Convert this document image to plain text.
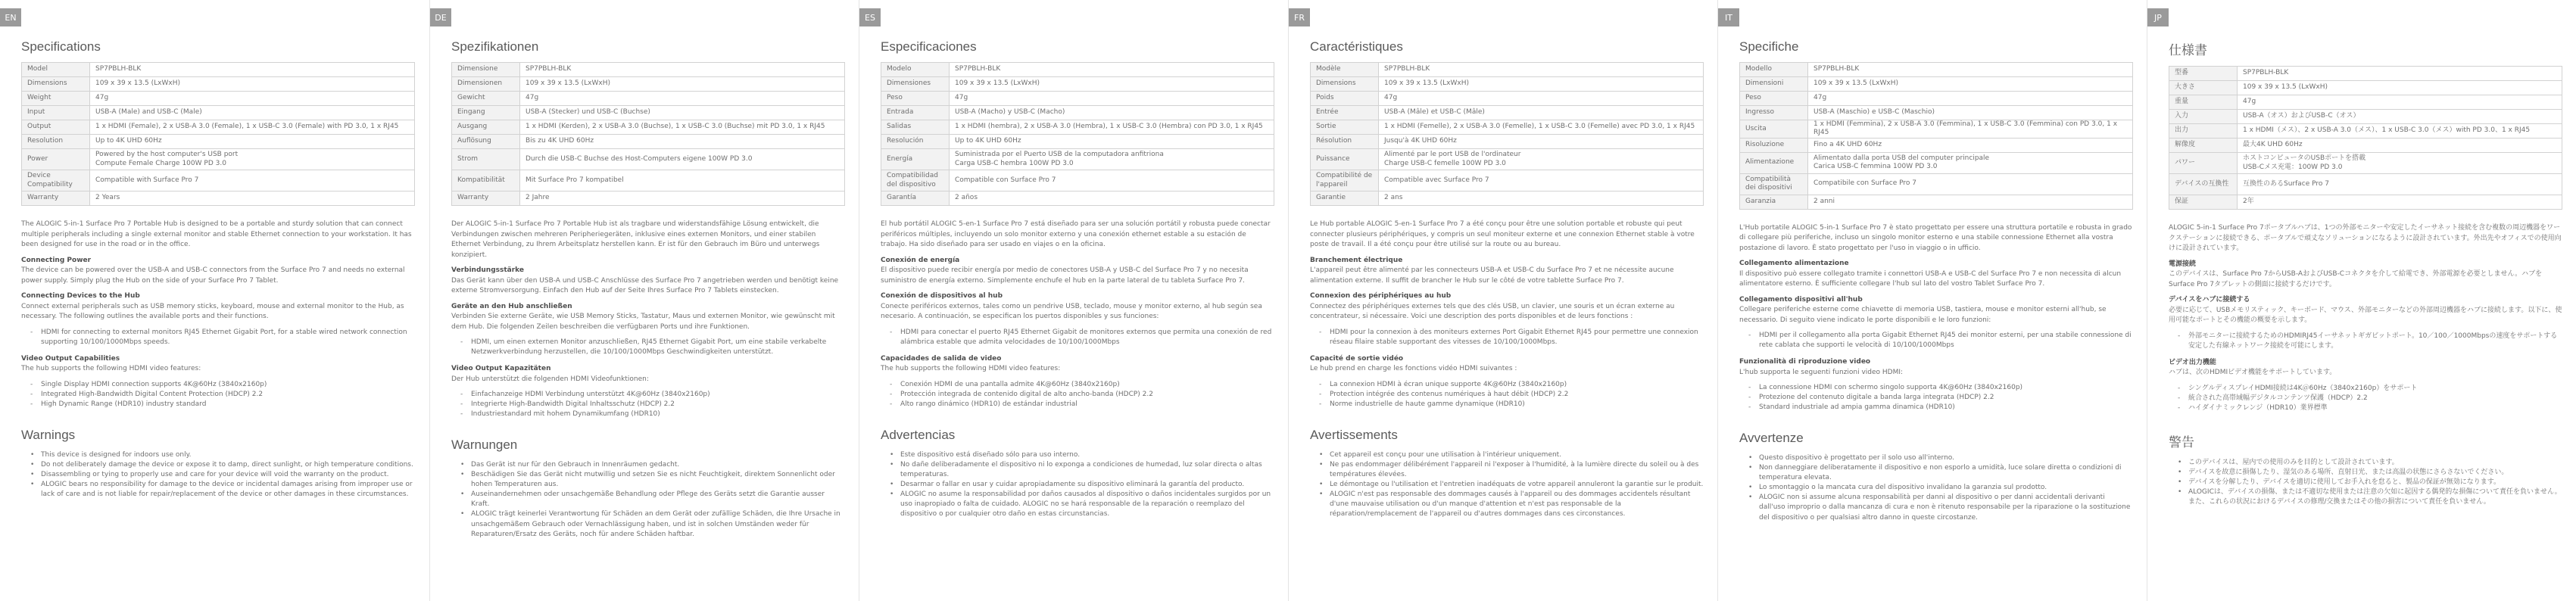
EN
Specifications
Model	SP7PBLH-BLK
Dimensions	109 x 39 x 13.5 (LxWxH)
Weight	47g
Input	USB-A (Male) and USB-C (Male)
Output	1 x HDMI (Female), 2 x USB-A 3.0 (Female), 1 x USB-C 3.0 (Female) with PD 3.0, 1 x RJ45
Resolution	Up to 4K UHD 60Hz
Power	Powered by the host computer's USB port
Compute Female Charge 100W PD 3.0
Device Compatibility	Compatible with Surface Pro 7
Warranty	2 Years

The ALOGIC 5-in-1 Surface Pro 7 Portable Hub is designed to be a portable and sturdy solution that can connect multiple peripherals including a single external monitor and stable Ethernet connection to your workstation. It has been designed for use in the road or in the office.

Connecting Power

The device can be powered over the USB-A and USB-C connectors from the Surface Pro 7 and needs no external power supply. Simply plug the Hub on the side of your Surface Pro 7 Tablet.

Connecting Devices to the Hub

Connect external peripherals such as USB memory sticks, keyboard, mouse and external monitor to the Hub, as necessary. The following outlines the available ports and their functions.

- HDMI for connecting to external monitors RJ45 Ethernet Gigabit Port, for a stable wired network connection supporting 10/100/1000Mbps speeds.
Video Output Capabilities

The hub supports the following HDMI video features:

- Single Display HDMI connection supports 4K@60Hz (3840x2160p)
- Integrated High-Bandwidth Digital Content Protection (HDCP) 2.2
- High Dynamic Range (HDR10) industry standard
Warnings
• This device is designed for indoors use only.
• Do not deliberately damage the device or expose it to damp, direct sunlight, or high temperature conditions.
• Disassembling or tying to properly use and care for your device will void the warranty on the product.
• ALOGIC bears no responsibility for damage to the device or incidental damages arising from improper use or lack of care and is not liable for repair/replacement of the device or other damages in these circumstances.
DE
Spezifikationen
Dimensione	SP7PBLH-BLK
Dimensionen	109 x 39 x 13.5 (LxWxH)
Gewicht	47g
Eingang	USB-A (Stecker) und USB-C (Buchse)
Ausgang	1 x HDMI (Kerden), 2 x USB-A 3.0 (Buchse), 1 x USB-C 3.0 (Buchse) mit PD 3.0, 1 x RJ45
Auflösung	Bis zu 4K UHD 60Hz
Strom	Durch die USB-C Buchse des Host-Computers eigene 100W PD 3.0
Kompatibilität	Mit Surface Pro 7 kompatibel
Warranty	2 Jahre

Der ALOGIC 5-in-1 Surface Pro 7 Portable Hub ist als tragbare und widerstandsfähige Lösung entwickelt, die Verbindungen zwischen mehreren Peripheriegeräten, inklusive eines externen Monitors, und einer stabilen Ethernet Verbindung, zu Ihrem Arbeitsplatz herstellen kann. Er ist für den Gebrauch im Büro und unterwegs konzipiert.

Verbindungsstärke

Das Gerät kann über den USB-A und USB-C Anschlüsse des Surface Pro 7 angetrieben werden und benötigt keine externe Stromversorgung. Einfach den Hub auf der Seite Ihres Surface Pro 7 Tablets einstecken.

Geräte an den Hub anschließen

Verbinden Sie externe Geräte, wie USB Memory Sticks, Tastatur, Maus und externen Monitor, wie gewünscht mit dem Hub. Die folgenden Zeilen beschreiben die verfügbaren Ports und ihre Funktionen.

- HDMI, um einen externen Monitor anzuschließen, RJ45 Ethernet Gigabit Port, um eine stabile verkabelte Netzwerkverbindung herzustellen, die 10/100/1000Mbps Geschwindigkeiten unterstützt.
Video Output Kapazitäten

Der Hub unterstützt die folgenden HDMI Videofunktionen:

- Einfachanzeige HDMI Verbindung unterstützt 4K@60Hz (3840x2160p)
- Integrierte High-Bandwidth Digital Inhaltsschutz (HDCP) 2.2
- Industriestandard mit hohem Dynamikumfang (HDR10)
Warnungen
• Das Gerät ist nur für den Gebrauch in Innenräumen gedacht.
• Beschädigen Sie das Gerät nicht mutwillig und setzen Sie es nicht Feuchtigkeit, direktem Sonnenlicht oder hohen Temperaturen aus.
• Auseinandernehmen oder unsachgemäße Behandlung oder Pflege des Geräts setzt die Garantie ausser Kraft.
• ALOGIC trägt keinerlei Verantwortung für Schäden an dem Gerät oder zufällige Schäden, die Ihre Ursache in unsachgemäßem Gebrauch oder Vernachlässigung haben, und ist in solchen Umständen weder für Reparaturen/Ersatz des Geräts, noch für andere Schäden haftbar.
ES
Especificaciones
Modelo	SP7PBLH-BLK
Dimensiones	109 x 39 x 13.5 (LxWxH)
Peso	47g
Entrada	USB-A (Macho) y USB-C (Macho)
Salidas	1 x HDMI (hembra), 2 x USB-A 3.0 (Hembra), 1 x USB-C 3.0 (Hembra) con PD 3.0, 1 x RJ45
Resolución	Up to 4K UHD 60Hz
Energía	Suministrada por el Puerto USB de la computadora anfitriona
Carga USB-C hembra 100W PD 3.0
Compatibilidad del dispositivo	Compatible con Surface Pro 7
Garantía	2 años

El hub portátil ALOGIC 5-en-1 Surface Pro 7 está diseñado para ser una solución portátil y robusta puede conectar periféricos múltiples, incluyendo un solo monitor externo y una conexión ethernet estable a su estación de trabajo. Ha sido diseñado para ser usado en viajes o en la oficina.

Conexión de energía

El dispositivo puede recibir energía por medio de conectores USB-A y USB-C del Surface Pro 7 y no necesita suministro de energía externo. Simplemente enchufe el hub en la parte lateral de tu tableta Surface Pro 7.

Conexión de dispositivos al hub

Conecte periféricos externos, tales como un pendrive USB, teclado, mouse y monitor externo, al hub según sea necesario. A continuación, se especifican los puertos disponibles y sus funciones:

- HDMI para conectar el puerto RJ45 Ethernet Gigabit de monitores externos que permita una conexión de red alámbrica estable que admita velocidades de 10/100/1000Mbps
Capacidades de salida de video

The hub supports the following HDMI video features:

- Conexión HDMI de una pantalla admite 4K@60Hz (3840x2160p)
- Protección integrada de contenido digital de alto ancho-banda (HDCP) 2.2
- Alto rango dinámico (HDR10) de estándar industrial
Advertencias
• Este dispositivo está diseñado sólo para uso interno.
• No dañe deliberadamente el dispositivo ni lo exponga a condiciones de humedad, luz solar directa o altas temperaturas.
• Desarmar o fallar en usar y cuidar apropiadamente su dispositivo eliminará la garantía del producto.
• ALOGIC no asume la responsabilidad por daños causados al dispositivo o daños incidentales surgidos por un uso inapropiado o falta de cuidado. ALOGIC no se hará responsable de la reparación o reemplazo del dispositivo o por cualquier otro daño en estas circunstancias.
FR
Caractéristiques
Modèle	SP7PBLH-BLK
Dimensions	109 x 39 x 13.5 (LxWxH)
Poids	47g
Entrée	USB-A (Mâle) et USB-C (Mâle)
Sortie	1 x HDMI (Femelle), 2 x USB-A 3.0 (Femelle), 1 x USB-C 3.0 (Femelle) avec PD 3.0, 1 x RJ45
Résolution	Jusqu'à 4K UHD 60Hz
Puissance	Alimenté par le port USB de l'ordinateur
Charge USB-C femelle 100W PD 3.0
Compatibilité de l'appareil	Compatible avec Surface Pro 7
Garantie	2 ans

Le Hub portable ALOGIC 5-en-1 Surface Pro 7 a été conçu pour être une solution portable et robuste qui peut connecter plusieurs périphériques, y compris un seul moniteur externe et une connexion Ethernet stable à votre poste de travail. Il a été conçu pour être utilisé sur la route ou au bureau.

Branchement électrique

L'appareil peut être alimenté par les connecteurs USB-A et USB-C du Surface Pro 7 et ne nécessite aucune alimentation externe. Il suffit de brancher le Hub sur le côté de votre tablette Surface Pro 7.

Connexion des périphériques au hub

Connectez des périphériques externes tels que des clés USB, un clavier, une souris et un écran externe au concentrateur, si nécessaire. Voici une description des ports disponibles et de leurs fonctions :

- HDMI pour la connexion à des moniteurs externes Port Gigabit Ethernet RJ45 pour permettre une connexion réseau filaire stable supportant des vitesses de 10/100/1000Mbps.
Capacité de sortie vidéo

Le hub prend en charge les fonctions vidéo HDMI suivantes :

- La connexion HDMI à écran unique supporte 4K@60Hz (3840x2160p)
- Protection intégrée des contenus numériques à haut débit (HDCP) 2.2
- Norme industrielle de haute gamme dynamique (HDR10)
Avertissements
• Cet appareil est conçu pour une utilisation à l'intérieur uniquement.
• Ne pas endommager délibérément l'appareil ni l'exposer à l'humidité, à la lumière directe du soleil ou à des températures élevées.
• Le démontage ou l'utilisation et l'entretien inadéquats de votre appareil annuleront la garantie sur le produit.
• ALOGIC n'est pas responsable des dommages causés à l'appareil ou des dommages accidentels résultant d'une mauvaise utilisation ou d'un manque d'attention et n'est pas responsable de la réparation/remplacement de l'appareil ou d'autres dommages dans ces circonstances.
IT
Specifiche
Modello	SP7PBLH-BLK
Dimensioni	109 x 39 x 13.5 (LxWxH)
Peso	47g
Ingresso	USB-A (Maschio) e USB-C (Maschio)
Uscita	1 x HDMI (Femmina), 2 x USB-A 3.0 (Femmina), 1 x USB-C 3.0 (Femmina) con PD 3.0, 1 x RJ45
Risoluzione	Fino a 4K UHD 60Hz
Alimentazione	Alimentato dalla porta USB del computer principale
Carica USB-C femmina 100W PD 3.0
Compatibilità dei dispositivi	Compatibile con Surface Pro 7
Garanzia	2 anni

L'Hub portatile ALOGIC 5-in-1 Surface Pro 7 è stato progettato per essere una struttura portatile e robusta in grado di collegare più periferiche, incluso un singolo monitor esterno e una stabile connessione Ethernet alla vostra postazione di lavoro. È stato progettato per l'uso in viaggio o in ufficio.

Collegamento alimentazione

Il dispositivo può essere collegato tramite i connettori USB-A e USB-C del Surface Pro 7 e non necessita di alcun alimentatore esterno. È sufficiente collegare l'hub sul lato del vostro Tablet Surface Pro 7.

Collegamento dispositivi all'hub

Collegare periferiche esterne come chiavette di memoria USB, tastiera, mouse e monitor esterni all'hub, se necessario. Di seguito viene indicato le porte disponibili e le loro funzioni:

- HDMI per il collegamento alla porta Gigabit Ethernet RJ45 dei monitor esterni, per una stabile connessione di rete cablata che supporti le velocità di 10/100/1000Mbps
Funzionalità di riproduzione video

L'hub supporta le seguenti funzioni video HDMI:

- La connessione HDMI con schermo singolo supporta 4K@60Hz (3840x2160p)
- Protezione del contenuto digitale a banda larga integrata (HDCP) 2.2
- Standard industriale ad ampia gamma dinamica (HDR10)
Avvertenze
• Questo dispositivo è progettato per il solo uso all'interno.
• Non danneggiare deliberatamente il dispositivo e non esporlo a umidità, luce solare diretta o condizioni di temperatura elevata.
• Lo smontaggio o la mancata cura del dispositivo invalidano la garanzia sul prodotto.
• ALOGIC non si assume alcuna responsabilità per danni al dispositivo o per danni accidentali derivanti dall'uso improprio o dalla mancanza di cura e non è ritenuto responsabile per la riparazione o la sostituzione del dispositivo o per qualsiasi altro danno in queste circostanze.
JP
仕様書
型番	SP7PBLH-BLK
大きさ	109 x 39 x 13.5 (LxWxH)
重量	47g
入力	USB-A（オス）およびUSB-C（オス）
出力	1 x HDMI（メス）、2 x USB-A 3.0（メス）、1 x USB-C 3.0（メス）with PD 3.0、1 x RJ45
解像度	最大4K UHD 60Hz
パワー	ホストコンピュータのUSBポートを搭載
USB-Cメス充電：100W PD 3.0
デバイスの互換性	互換性のあるSurface Pro 7
保証	2年

ALOGIC 5-in-1 Surface Pro 7ポータブルハブは、1つの外部モニターや安定したイーサネット接続を含む複数の周辺機器をワークステーションに接続できる、ポータブルで頑丈なソリューションになるように設計されています。外出先やオフィスでの使用向けに設計されています。

電源接続

このデバイスは、Surface Pro 7からUSB-AおよびUSB-Cコネクタを介して給電でき、外部電源を必要としません。ハブをSurface Pro 7タブレットの側面に接続するだけです。

デバイスをハブに接続する

必要に応じて、USBメモリスティック、キーボード、マウス、外部モニターなどの外部周辺機器をハブに接続します。以下に、使用可能なポートとその機能の概要を示します。

- 外部モニターに接続するためのHDMIRJ45イーサネットギガビットポート。10／100／1000Mbpsの速度をサポートする安定した有線ネットワーク接続を可能にします。
ビデオ出力機能

ハブは、次のHDMIビデオ機能をサポートしています。

- シングルディスプレイHDMI接続は4K＠60Hz（3840x2160p）をサポート
- 統合された高帯域幅デジタルコンテンツ保護（HDCP）2.2
- ハイダイナミックレンジ（HDR10）業界標準
警告
• このデバイスは、屋内での使用のみを目的として設計されています。
• デバイスを故意に損傷したり、湿気のある場所、直射日光、または高温の状態にさらさないでください。
• デバイスを分解したり、デバイスを適切に使用してお手入れを怠ると、製品の保証が無効になります。
• ALOGICは、デバイスの損傷、または不適切な使用または注意の欠如に起因する偶発的な損傷について責任を負いません。また、これらの状況におけるデバイスの修理/交換またはその他の損害について責任を負いません。
